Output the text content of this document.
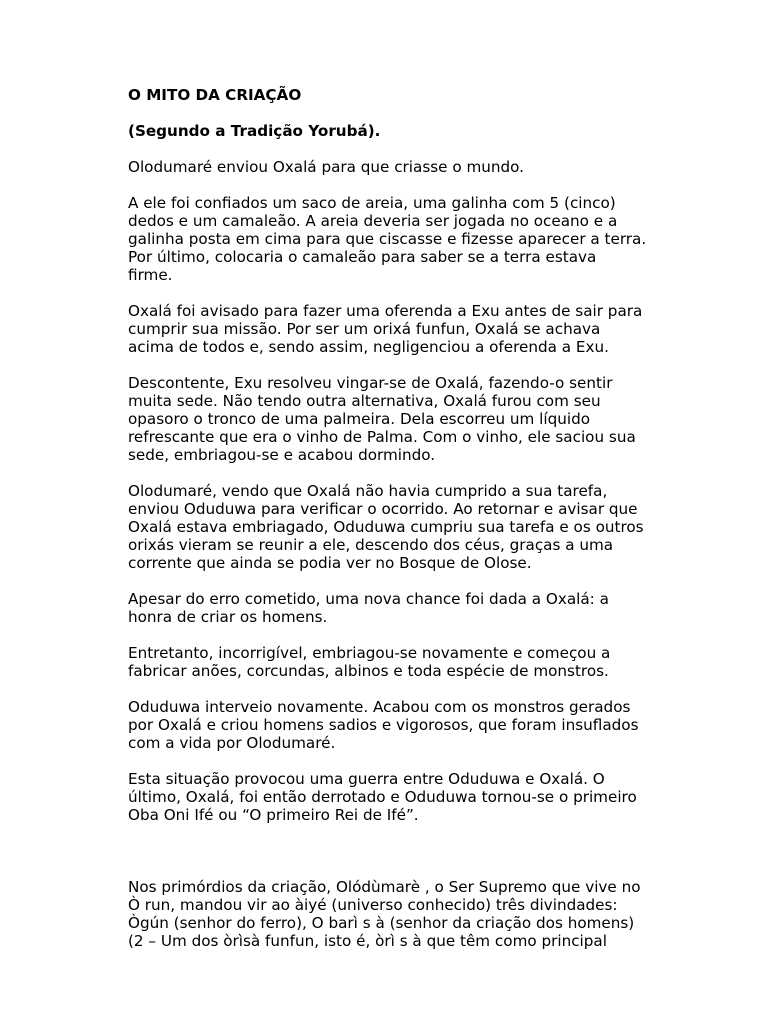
O MITO DA CRIAÇÃO
(Segundo a Tradição Yorubá).
Olodumaré enviou Oxalá para que criasse o mundo.
A ele foi confiados um saco de areia, uma galinha com 5 (cinco)
dedos e um camaleão. A areia deveria ser jogada no oceano e a
galinha posta em cima para que ciscasse e fizesse aparecer a terra.
Por último, colocaria o camaleão para saber se a terra estava
firme.
Oxalá foi avisado para fazer uma oferenda a Exu antes de sair para
cumprir sua missão. Por ser um orixá funfun, Oxalá se achava
acima de todos e, sendo assim, negligenciou a oferenda a Exu.
Descontente, Exu resolveu vingar-se de Oxalá, fazendo-o sentir
muita sede. Não tendo outra alternativa, Oxalá furou com seu
opasoro o tronco de uma palmeira. Dela escorreu um líquido
refrescante que era o vinho de Palma. Com o vinho, ele saciou sua
sede, embriagou-se e acabou dormindo.
Olodumaré, vendo que Oxalá não havia cumprido a sua tarefa,
enviou Oduduwa para verificar o ocorrido. Ao retornar e avisar que
Oxalá estava embriagado, Oduduwa cumpriu sua tarefa e os outros
orixás vieram se reunir a ele, descendo dos céus, graças a uma
corrente que ainda se podia ver no Bosque de Olose.
Apesar do erro cometido, uma nova chance foi dada a Oxalá: a
honra de criar os homens.
Entretanto, incorrigível, embriagou-se novamente e começou a
fabricar anões, corcundas, albinos e toda espécie de monstros.
Oduduwa interveio novamente. Acabou com os monstros gerados
por Oxalá e criou homens sadios e vigorosos, que foram insuflados
com a vida por Olodumaré.
Esta situação provocou uma guerra entre Oduduwa e Oxalá. O
último, Oxalá, foi então derrotado e Oduduwa tornou-se o primeiro
Oba Oni Ifé ou “O primeiro Rei de Ifé”.
Nos primórdios da criação, Olódùmarè , o Ser Supremo que vive no
Ò run, mandou vir ao àiyé (universo conhecido) três divindades:
Ògún (senhor do ferro), O barì s à (senhor da criação dos homens)
(2 – Um dos òrìsà funfun, isto é, òrì s à que têm como principal
